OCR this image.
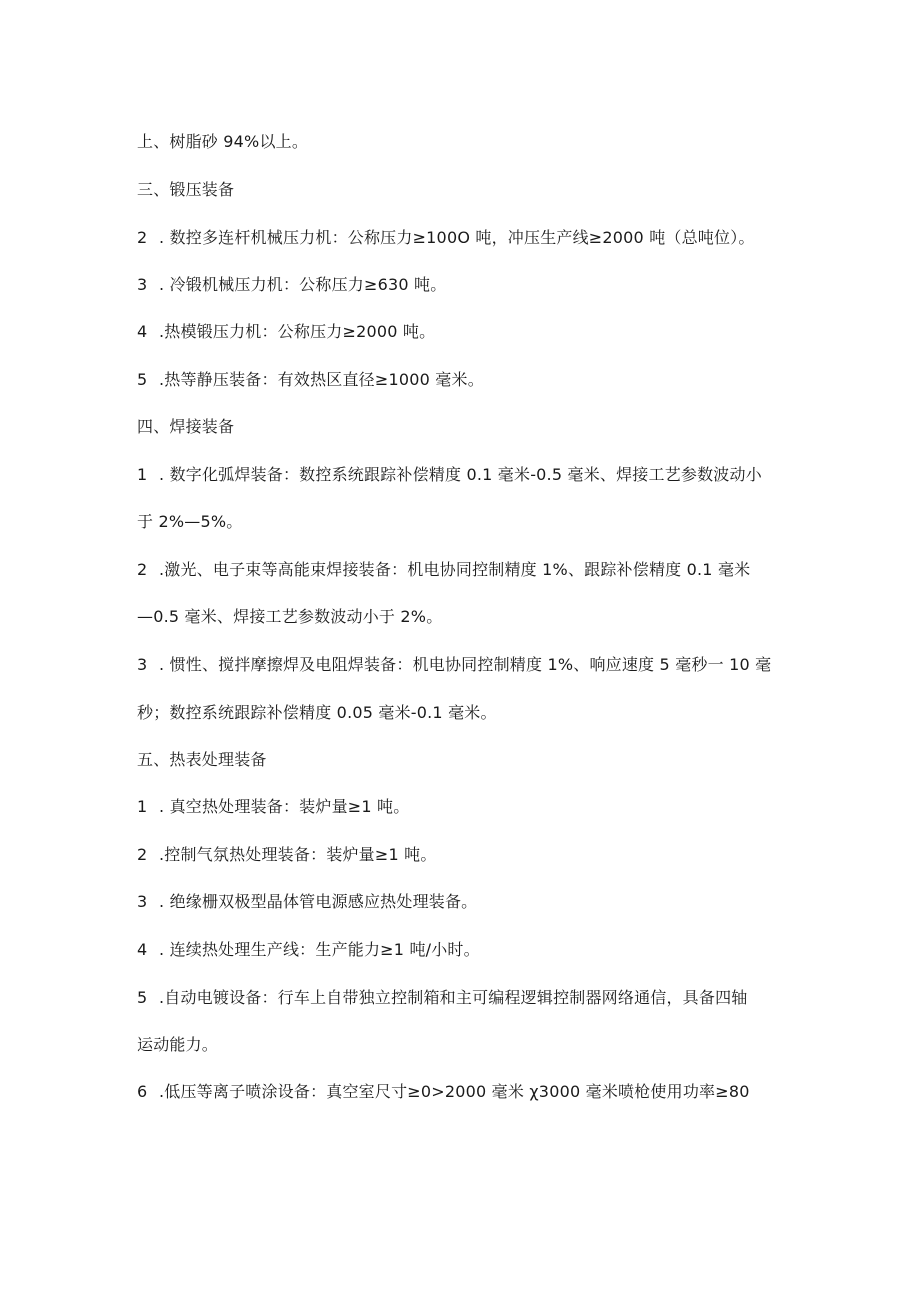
上、树脂砂 94%以上。

三、锻压装备

2 . 数控多连杆机械压力机：公称压力≥100O 吨，冲压生产线≥2000 吨（总吨位）。

3 . 冷锻机械压力机：公称压力≥630 吨。

4 .热模锻压力机：公称压力≥2000 吨。

5 .热等静压装备：有效热区直径≥1000 毫米。

四、焊接装备

1 . 数字化弧焊装备：数控系统跟踪补偿精度 0.1 毫米-0.5 毫米、焊接工艺参数波动小

于 2%—5%。

2 .激光、电子束等高能束焊接装备：机电协同控制精度 1%、跟踪补偿精度 0.1 毫米

—0.5 毫米、焊接工艺参数波动小于 2%。

3 . 惯性、搅拌摩擦焊及电阻焊装备：机电协同控制精度 1%、响应速度 5 毫秒一 10 毫

秒；数控系统跟踪补偿精度 0.05 毫米-0.1 毫米。

五、热表处理装备

1 . 真空热处理装备：装炉量≥1 吨。

2 .控制气氛热处理装备：装炉量≥1 吨。

3 . 绝缘栅双极型晶体管电源感应热处理装备。

4 . 连续热处理生产线：生产能力≥1 吨/小时。

5 .自动电镀设备：行车上自带独立控制箱和主可编程逻辑控制器网络通信，具备四轴

运动能力。

6 .低压等离子喷涂设备：真空室尺寸≥0>2000 毫米 χ3000 毫米喷枪使用功率≥80
